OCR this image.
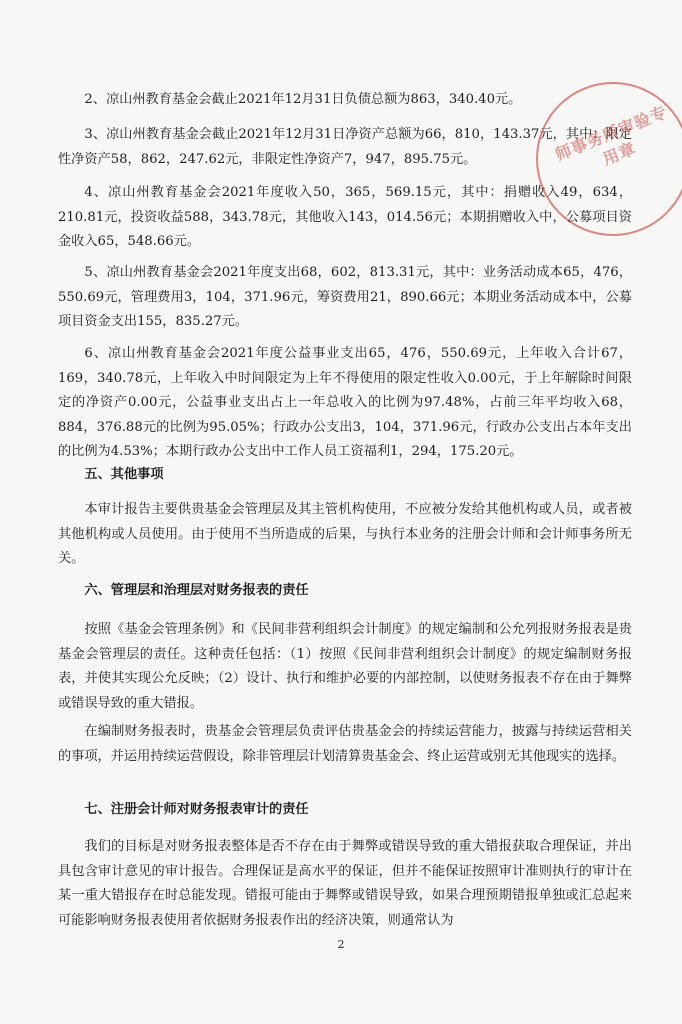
2、凉山州教育基金会截止2021年12月31日负债总额为863，340.40元。
3、凉山州教育基金会截止2021年12月31日净资产总额为66，810，143.37元，其中：限定性净资产58，862，247.62元，非限定性净资产7，947，895.75元。
4、凉山州教育基金会2021年度收入50，365，569.15元，其中：捐赠收入49，634，210.81元，投资收益588，343.78元，其他收入143，014.56元；本期捐赠收入中，公募项目资金收入65，548.66元。
5、凉山州教育基金会2021年度支出68，602，813.31元，其中：业务活动成本65，476，550.69元，管理费用3，104，371.96元，筹资费用21，890.66元；本期业务活动成本中，公募项目资金支出155，835.27元。
6、凉山州教育基金会2021年度公益事业支出65，476，550.69元，上年收入合计67，169，340.78元，上年收入中时间限定为上年不得使用的限定性收入0.00元，于上年解除时间限定的净资产0.00元，公益事业支出占上一年总收入的比例为97.48%，占前三年平均收入68，884，376.88元的比例为95.05%；行政办公支出3，104，371.96元，行政办公支出占本年支出的比例为4.53%；本期行政办公支出中工作人员工资福利1，294，175.20元。
五、其他事项
本审计报告主要供贵基金会管理层及其主管机构使用，不应被分发给其他机构或人员，或者被其他机构或人员使用。由于使用不当所造成的后果，与执行本业务的注册会计师和会计师事务所无关。
六、管理层和治理层对财务报表的责任
按照《基金会管理条例》和《民间非营利组织会计制度》的规定编制和公允列报财务报表是贵基金会管理层的责任。这种责任包括：（1）按照《民间非营利组织会计制度》的规定编制财务报表，并使其实现公允反映；（2）设计、执行和维护必要的内部控制，以使财务报表不存在由于舞弊或错误导致的重大错报。
在编制财务报表时，贵基金会管理层负责评估贵基金会的持续运营能力，披露与持续运营相关的事项，并运用持续运营假设，除非管理层计划清算贵基金会、终止运营或别无其他现实的选择。
七、注册会计师对财务报表审计的责任
我们的目标是对财务报表整体是否不存在由于舞弊或错误导致的重大错报获取合理保证，并出具包含审计意见的审计报告。合理保证是高水平的保证，但并不能保证按照审计准则执行的审计在某一重大错报存在时总能发现。错报可能由于舞弊或错误导致，如果合理预期错报单独或汇总起来可能影响财务报表使用者依据财务报表作出的经济决策，则通常认为
2
师事务所审验专用章
